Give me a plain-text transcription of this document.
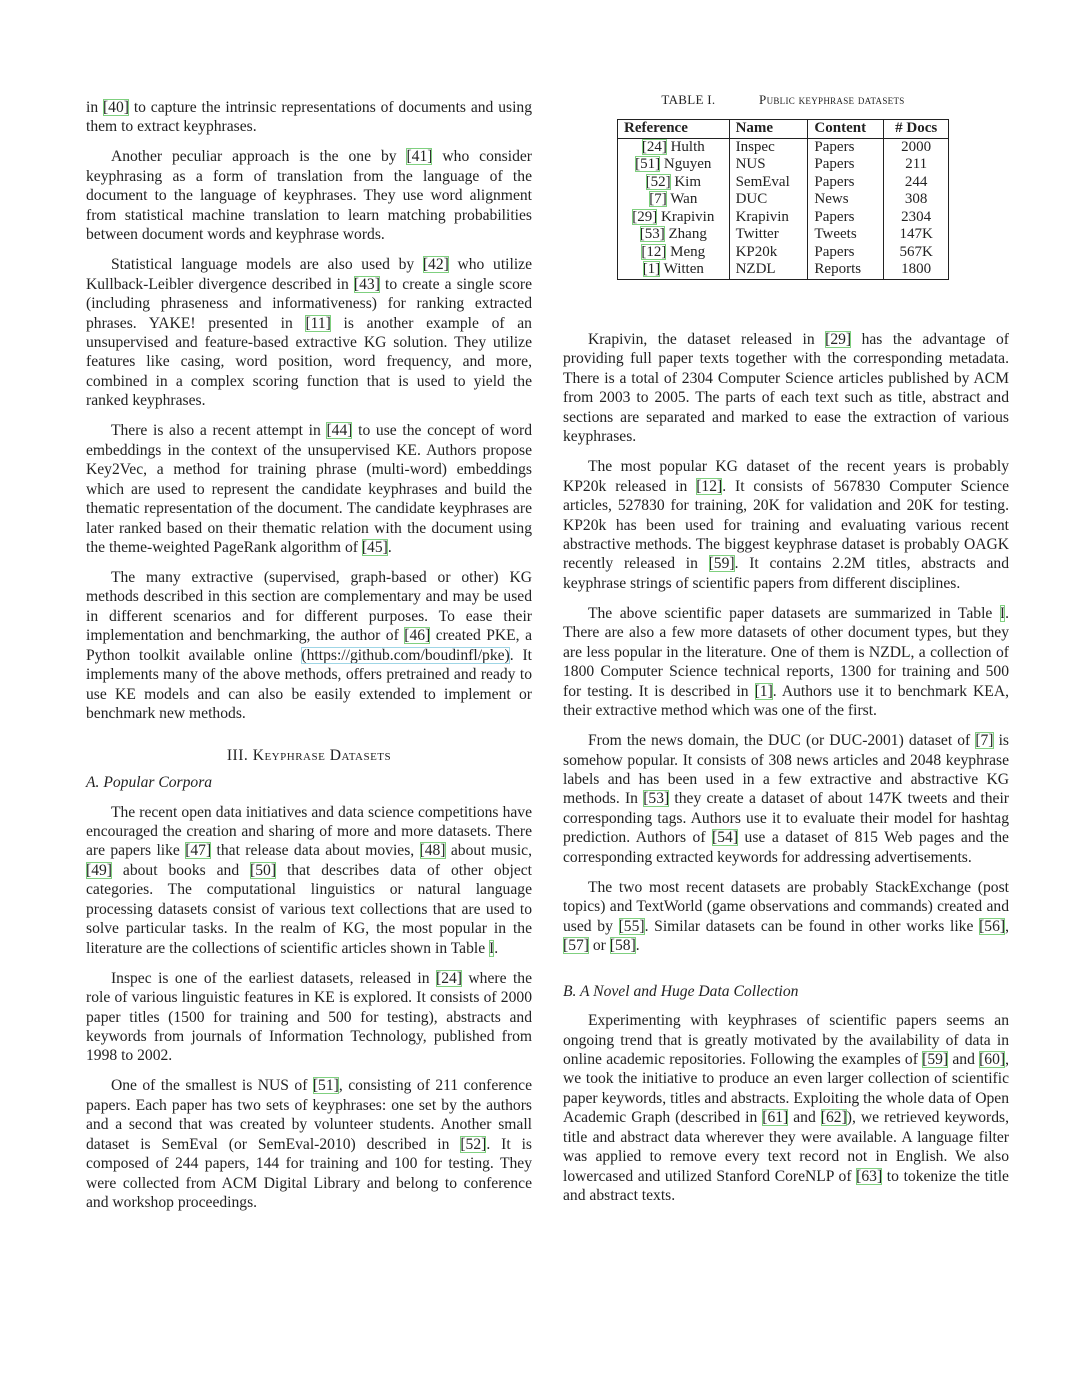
in [40] to capture the intrinsic representations of documents and using them to extract keyphrases.

Another peculiar approach is the one by [41] who consider keyphrasing as a form of translation from the language of the document to the language of keyphrases. They use word alignment from statistical machine translation to learn matching probabilities between document words and keyphrase words.

Statistical language models are also used by [42] who utilize Kullback-Leibler divergence described in [43] to create a single score (including phraseness and informativeness) for ranking extracted phrases. YAKE! presented in [11] is another example of an unsupervised and feature-based extractive KG solution. They utilize features like casing, word position, word frequency, and more, combined in a complex scoring function that is used to yield the ranked keyphrases.

There is also a recent attempt in [44] to use the concept of word embeddings in the context of the unsupervised KE. Authors propose Key2Vec, a method for training phrase (multi-word) embeddings which are used to represent the candidate keyphrases and build the thematic representation of the document. The candidate keyphrases are later ranked based on their thematic relation with the document using the theme-weighted PageRank algorithm of [45].

The many extractive (supervised, graph-based or other) KG methods described in this section are complementary and may be used in different scenarios and for different purposes. To ease their implementation and benchmarking, the author of [46] created PKE, a Python toolkit available online (https://github.com/boudinfl/pke). It implements many of the above methods, offers pretrained and ready to use KE models and can also be easily extended to implement or benchmark new methods.

III. Keyphrase Datasets
A. Popular Corpora

The recent open data initiatives and data science competitions have encouraged the creation and sharing of more and more datasets. There are papers like [47] that release data about movies, [48] about music, [49] about books and [50] that describes data of other object categories. The computational linguistics or natural language processing datasets consist of various text collections that are used to solve particular tasks. In the realm of KG, the most popular in the literature are the collections of scientific articles shown in Table I.

Inspec is one of the earliest datasets, released in [24] where the role of various linguistic features in KE is explored. It consists of 2000 paper titles (1500 for training and 500 for testing), abstracts and keywords from journals of Information Technology, published from 1998 to 2002.

One of the smallest is NUS of [51], consisting of 211 conference papers. Each paper has two sets of keyphrases: one set by the authors and a second that was created by volunteer students. Another small dataset is SemEval (or SemEval-2010) described in [52]. It is composed of 244 papers, 144 for training and 100 for testing. They were collected from ACM Digital Library and belong to conference and workshop proceedings.

TABLE I.	Public keyphrase datasets
Reference	Name	Content	# Docs
[24] Hulth	Inspec	Papers	2000
[51] Nguyen	NUS	Papers	211
[52] Kim	SemEval	Papers	244
[7] Wan	DUC	News	308
[29] Krapivin	Krapivin	Papers	2304
[53] Zhang	Twitter	Tweets	147K
[12] Meng	KP20k	Papers	567K
[1] Witten	NZDL	Reports	1800

Krapivin, the dataset released in [29] has the advantage of providing full paper texts together with the corresponding metadata. There is a total of 2304 Computer Science articles published by ACM from 2003 to 2005. The parts of each text such as title, abstract and sections are separated and marked to ease the extraction of various keyphrases.

The most popular KG dataset of the recent years is probably KP20k released in [12]. It consists of 567830 Computer Science articles, 527830 for training, 20K for validation and 20K for testing. KP20k has been used for training and evaluating various recent abstractive methods. The biggest keyphrase dataset is probably OAGK recently released in [59]. It contains 2.2M titles, abstracts and keyphrase strings of scientific papers from different disciplines.

The above scientific paper datasets are summarized in Table I. There are also a few more datasets of other document types, but they are less popular in the literature. One of them is NZDL, a collection of 1800 Computer Science technical reports, 1300 for training and 500 for testing. It is described in [1]. Authors use it to benchmark KEA, their extractive method which was one of the first.

From the news domain, the DUC (or DUC-2001) dataset of [7] is somehow popular. It consists of 308 news articles and 2048 keyphrase labels and has been used in a few extractive and abstractive KG methods. In [53] they create a dataset of about 147K tweets and their corresponding tags. Authors use it to evaluate their model for hashtag prediction. Authors of [54] use a dataset of 815 Web pages and the corresponding extracted keywords for addressing advertisements.

The two most recent datasets are probably StackExchange (post topics) and TextWorld (game observations and commands) created and used by [55]. Similar datasets can be found in other works like [56], [57] or [58].

B. A Novel and Huge Data Collection

Experimenting with keyphrases of scientific papers seems an ongoing trend that is greatly motivated by the availability of data in online academic repositories. Following the examples of [59] and [60], we took the initiative to produce an even larger collection of scientific paper keywords, titles and abstracts. Exploiting the whole data of Open Academic Graph (described in [61] and [62]), we retrieved keywords, title and abstract data wherever they were available. A language filter was applied to remove every text record not in English. We also lowercased and utilized Stanford CoreNLP of [63] to tokenize the title and abstract texts.
